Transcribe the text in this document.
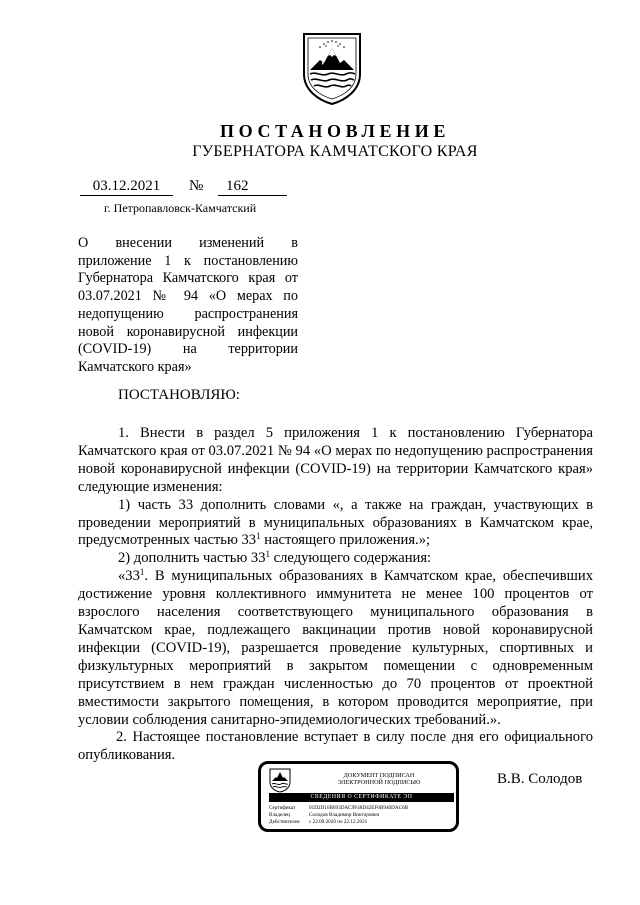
ПОСТАНОВЛЕНИЕ
ГУБЕРНАТОРА КАМЧАТСКОГО КРАЯ
03.12.2021	№	162
г. Петропавловск-Камчатский
О внесении изменений в
приложение 1 к постановлению
Губернатора Камчатского края от
03.07.2021 № 94 «О мерах по
недопущению распространения
новой коронавирусной инфекции
(COVID-19) на территории
Камчатского края»
ПОСТАНОВЛЯЮ:

1. Внести в раздел 5 приложения 1 к постановлению Губернатора Камчатского края от 03.07.2021 № 94 «О мерах по недопущению распространения новой коронавирусной инфекции (COVID-19) на территории Камчатского края» следующие изменения:

1) часть 33 дополнить словами «, а также на граждан, участвующих в проведении мероприятий в муниципальных образованиях в Камчатском крае, предусмотренных частью $33^1$ настоящего приложения.»;

2) дополнить частью $33^1$ следующего содержания:

«$33^1$. В муниципальных образованиях в Камчатском крае, обеспечивших достижение уровня коллективного иммунитета не менее 100 процентов от взрослого населения соответствующего муниципального образования в Камчатском крае, подлежащего вакцинации против новой коронавирусной инфекции (COVID-19), разрешается проведение культурных, спортивных и физкультурных мероприятий в закрытом помещении с одновременным присутствием в нем граждан численностью до 70 процентов от проектной вместимости закрытого помещения, в котором проводится мероприятие, при условии соблюдения санитарно-эпидемиологических требований.».

2. Настоящее постановление вступает в силу после дня его официального опубликования.

ДОКУМЕНТ ПОДПИСАН
ЭЛЕКТРОННОЙ ПОДПИСЬЮ
СВЕДЕНИЯ О СЕРТИФИКАТЕ ЭП
Сертификат	01D2D16B693DAC9F48D42EF6B940DAC6B
Владелец	Солодов Владимир Викторович
Действителен	с 22.09.2020 по 22.12.2021
В.В. Солодов
